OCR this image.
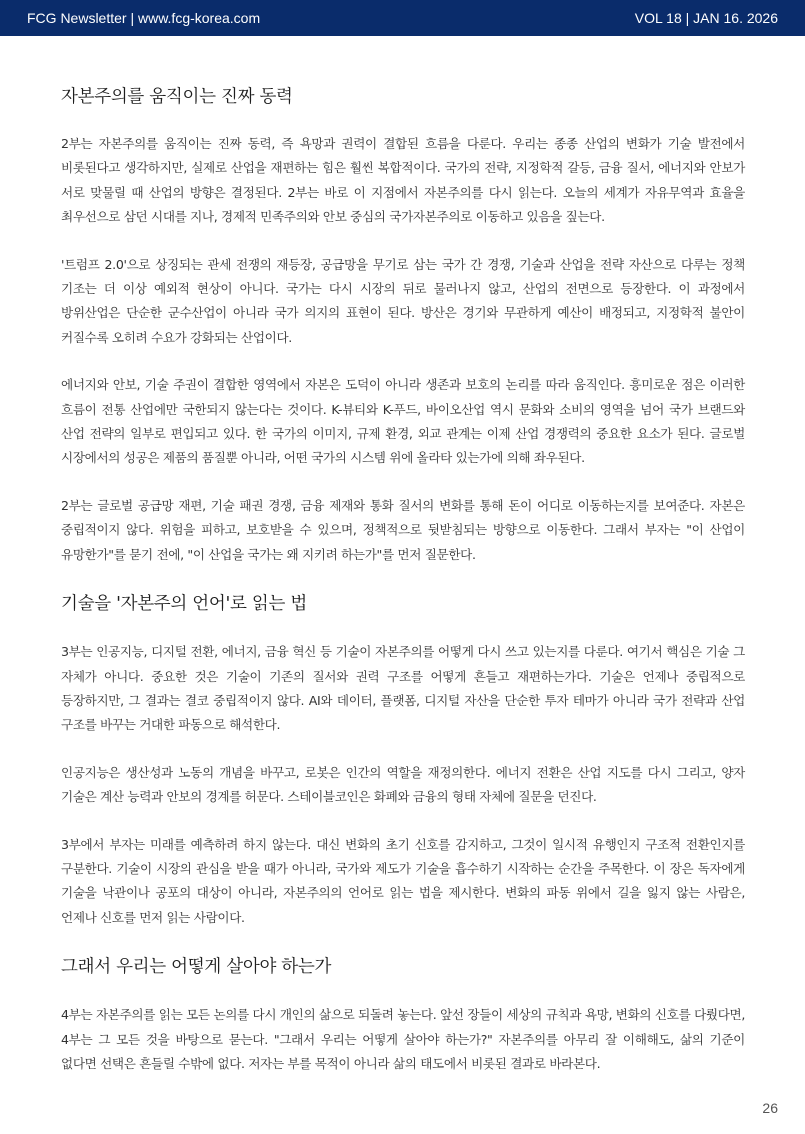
FCG Newsletter | www.fcg-korea.com	VOL 18 | JAN 16. 2026
자본주의를 움직이는 진짜 동력

2부는 자본주의를 움직이는 진짜 동력, 즉 욕망과 권력이 결합된 흐름을 다룬다. 우리는 종종 산업의 변화가 기술 발전에서 비롯된다고 생각하지만, 실제로 산업을 재편하는 힘은 훨씬 복합적이다. 국가의 전략, 지정학적 갈등, 금융 질서, 에너지와 안보가 서로 맞물릴 때 산업의 방향은 결정된다. 2부는 바로 이 지점에서 자본주의를 다시 읽는다. 오늘의 세계가 자유무역과 효율을 최우선으로 삼던 시대를 지나, 경제적 민족주의와 안보 중심의 국가자본주의로 이동하고 있음을 짚는다.

'트럼프 2.0'으로 상징되는 관세 전쟁의 재등장, 공급망을 무기로 삼는 국가 간 경쟁, 기술과 산업을 전략 자산으로 다루는 정책 기조는 더 이상 예외적 현상이 아니다. 국가는 다시 시장의 뒤로 물러나지 않고, 산업의 전면으로 등장한다. 이 과정에서 방위산업은 단순한 군수산업이 아니라 국가 의지의 표현이 된다. 방산은 경기와 무관하게 예산이 배정되고, 지정학적 불안이 커질수록 오히려 수요가 강화되는 산업이다.

에너지와 안보, 기술 주권이 결합한 영역에서 자본은 도덕이 아니라 생존과 보호의 논리를 따라 움직인다. 흥미로운 점은 이러한 흐름이 전통 산업에만 국한되지 않는다는 것이다. K-뷰티와 K-푸드, 바이오산업 역시 문화와 소비의 영역을 넘어 국가 브랜드와 산업 전략의 일부로 편입되고 있다. 한 국가의 이미지, 규제 환경, 외교 관계는 이제 산업 경쟁력의 중요한 요소가 된다. 글로벌 시장에서의 성공은 제품의 품질뿐 아니라, 어떤 국가의 시스템 위에 올라타 있는가에 의해 좌우된다.

2부는 글로벌 공급망 재편, 기술 패권 경쟁, 금융 제재와 통화 질서의 변화를 통해 돈이 어디로 이동하는지를 보여준다. 자본은 중립적이지 않다. 위험을 피하고, 보호받을 수 있으며, 정책적으로 뒷받침되는 방향으로 이동한다. 그래서 부자는 "이 산업이 유망한가"를 묻기 전에, "이 산업을 국가는 왜 지키려 하는가"를 먼저 질문한다.

기술을 '자본주의 언어'로 읽는 법

3부는 인공지능, 디지털 전환, 에너지, 금융 혁신 등 기술이 자본주의를 어떻게 다시 쓰고 있는지를 다룬다. 여기서 핵심은 기술 그 자체가 아니다. 중요한 것은 기술이 기존의 질서와 권력 구조를 어떻게 흔들고 재편하는가다. 기술은 언제나 중립적으로 등장하지만, 그 결과는 결코 중립적이지 않다. AI와 데이터, 플랫폼, 디지털 자산을 단순한 투자 테마가 아니라 국가 전략과 산업 구조를 바꾸는 거대한 파동으로 해석한다.

인공지능은 생산성과 노동의 개념을 바꾸고, 로봇은 인간의 역할을 재정의한다. 에너지 전환은 산업 지도를 다시 그리고, 양자 기술은 계산 능력과 안보의 경계를 허문다. 스테이블코인은 화폐와 금융의 형태 자체에 질문을 던진다.

3부에서 부자는 미래를 예측하려 하지 않는다. 대신 변화의 초기 신호를 감지하고, 그것이 일시적 유행인지 구조적 전환인지를 구분한다. 기술이 시장의 관심을 받을 때가 아니라, 국가와 제도가 기술을 흡수하기 시작하는 순간을 주목한다. 이 장은 독자에게 기술을 낙관이나 공포의 대상이 아니라, 자본주의의 언어로 읽는 법을 제시한다. 변화의 파동 위에서 길을 잃지 않는 사람은, 언제나 신호를 먼저 읽는 사람이다.

그래서 우리는 어떻게 살아야 하는가

4부는 자본주의를 읽는 모든 논의를 다시 개인의 삶으로 되돌려 놓는다. 앞선 장들이 세상의 규칙과 욕망, 변화의 신호를 다뤘다면, 4부는 그 모든 것을 바탕으로 묻는다. "그래서 우리는 어떻게 살아야 하는가?" 자본주의를 아무리 잘 이해해도, 삶의 기준이 없다면 선택은 흔들릴 수밖에 없다. 저자는 부를 목적이 아니라 삶의 태도에서 비롯된 결과로 바라본다.

26
